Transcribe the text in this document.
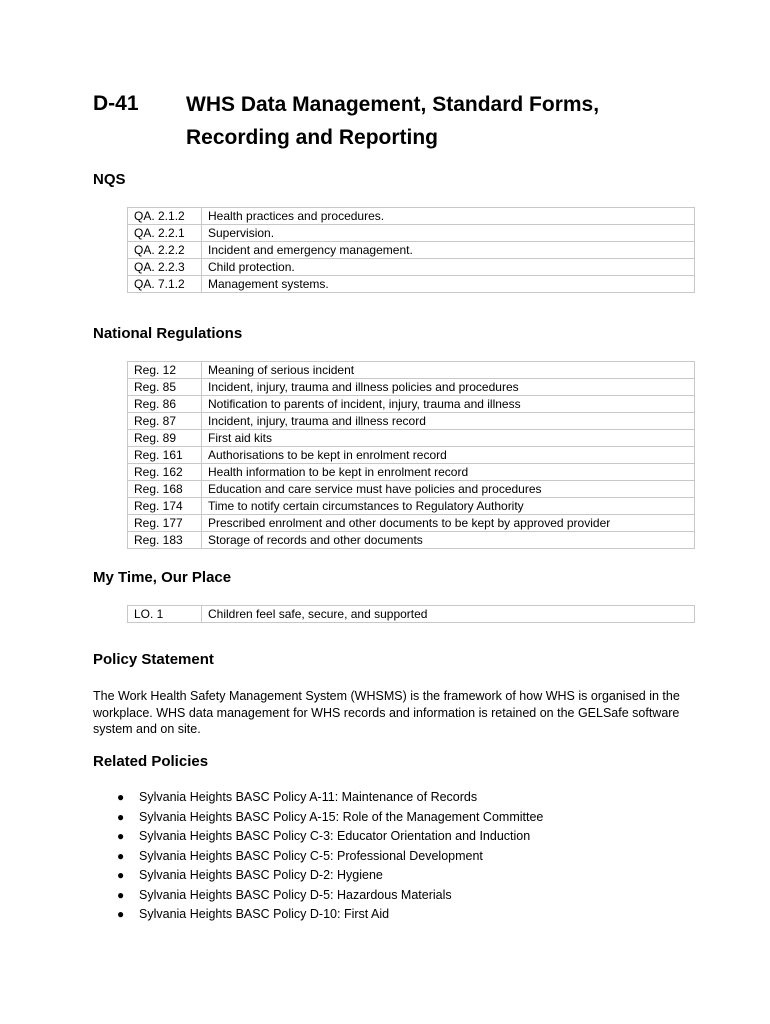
D-41 WHS Data Management, Standard Forms,
Recording and Reporting
NQS
QA. 2.1.2	Health practices and procedures.
QA. 2.2.1	Supervision.
QA. 2.2.2	Incident and emergency management.
QA. 2.2.3	Child protection.
QA. 7.1.2	Management systems.
National Regulations
Reg. 12	Meaning of serious incident
Reg. 85	Incident, injury, trauma and illness policies and procedures
Reg. 86	Notification to parents of incident, injury, trauma and illness
Reg. 87	Incident, injury, trauma and illness record
Reg. 89	First aid kits
Reg. 161	Authorisations to be kept in enrolment record
Reg. 162	Health information to be kept in enrolment record
Reg. 168	Education and care service must have policies and procedures
Reg. 174	Time to notify certain circumstances to Regulatory Authority
Reg. 177	Prescribed enrolment and other documents to be kept by approved provider
Reg. 183	Storage of records and other documents
My Time, Our Place
LO. 1	Children feel safe, secure, and supported
Policy Statement
The Work Health Safety Management System (WHSMS) is the framework of how WHS is organised in the workplace. WHS data management for WHS records and information is retained on the GELSafe software system and on site.
Related Policies
● Sylvania Heights BASC Policy A-11: Maintenance of Records
● Sylvania Heights BASC Policy A-15: Role of the Management Committee
● Sylvania Heights BASC Policy C-3: Educator Orientation and Induction
● Sylvania Heights BASC Policy C-5: Professional Development
● Sylvania Heights BASC Policy D-2: Hygiene
● Sylvania Heights BASC Policy D-5: Hazardous Materials
● Sylvania Heights BASC Policy D-10: First Aid
